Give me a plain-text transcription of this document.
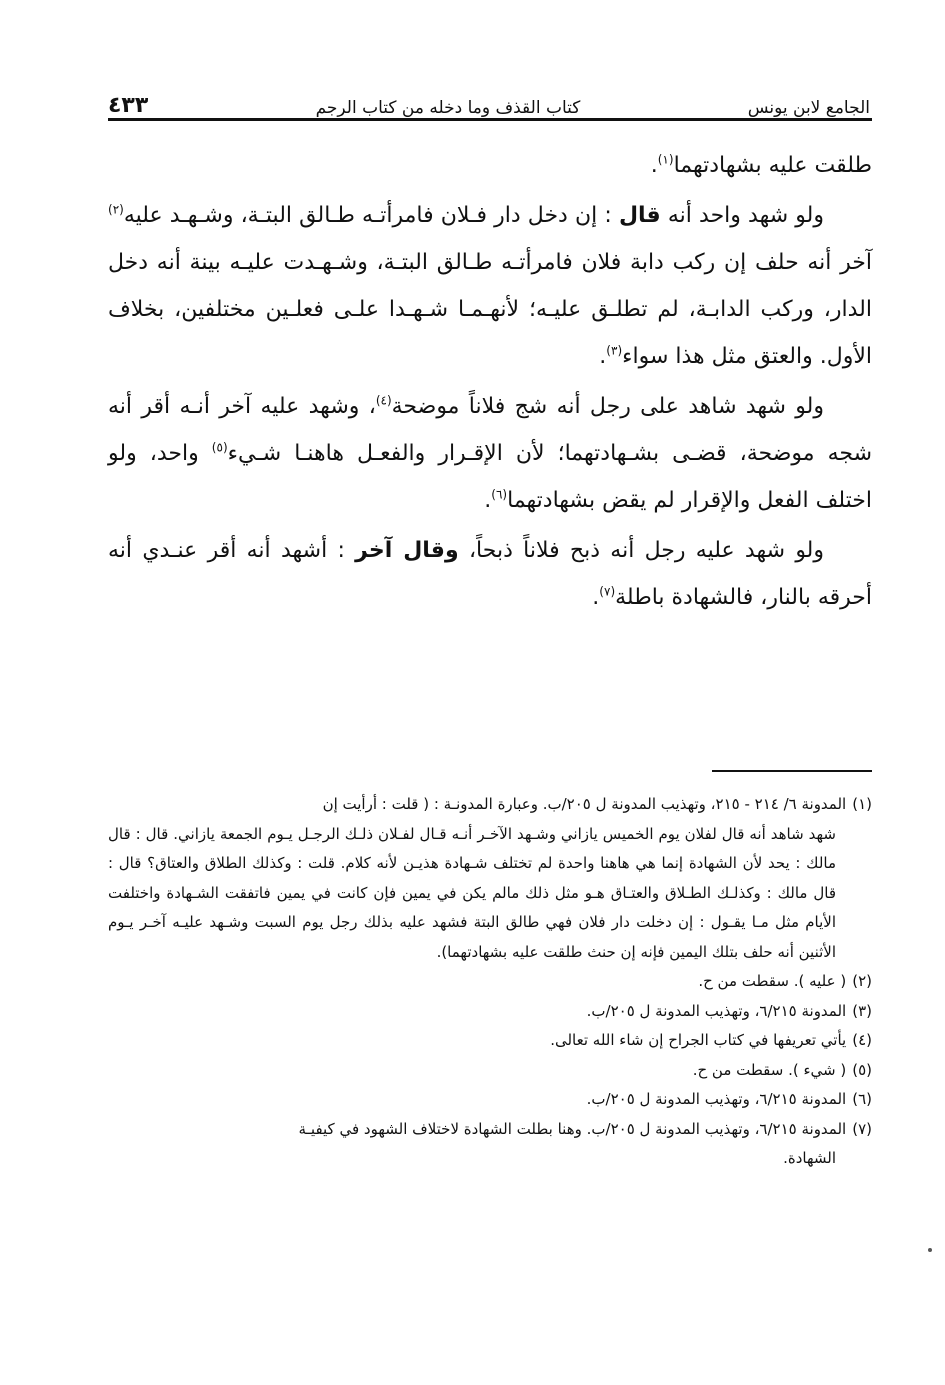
الجامع لابن يونس
كتاب القذف وما دخله من كتاب الرجم
٤٣٣

طلقت عليه بشهادتهما$^{(١)}$.

ولو شهد واحد أنه قال : إن دخل دار فـلان فامرأتـه طـالق البتـة، وشـهـد عليه$^{(٢)}$ آخر أنه حلف إن ركب دابة فلان فامرأتـه طـالق البتـة، وشـهـدت عليـه بينة أنه دخل الدار، وركب الدابـة، لم تطلـق عليـه؛ لأنهـمـا شـهـدا علـى فعلـين مختلفين، بخلاف الأول. والعتق مثل هذا سواء$^{(٣)}$.

ولو شهد شاهد على رجل أنه شج فلاناً موضحة$^{(٤)}$، وشهد عليه آخر أنـه أقر أنه شجه موضحة، قضـى بشـهادتهما؛ لأن الإقـرار والفعـل هاهنـا شـيء$^{(٥)}$ واحد، ولو اختلف الفعل والإقرار لم يقض بشهادتهما$^{(٦)}$.

ولو شهد عليه رجل أنه ذبح فلاناً ذبحاً، وقال آخر : أشهد أنه أقر عنـدي أنه أحرقه بالنار، فالشهادة باطلة$^{(٧)}$.

(١)المدونة ٦/ ٢١٤ - ٢١٥، وتهذيب المدونة ل ٢٠٥/ب. وعبارة المدونـة : ( قلت : أرأيت إن

شهد شاهد أنه قال لفلان يوم الخميس يازاني وشـهد الآخـر أنـه قـال لفـلان ذلـك الرجـل يـوم الجمعة يازاني. قال : قال مالك : يحد لأن الشهادة إنما هي هاهنا واحدة لم تختلف شـهادة هذيـن لأنه كلام. قلت : وكذلك الطلاق والعتاق؟ قال : قال مالك : وكذلـك الطـلاق والعتـاق هـو مثل ذلك مالم يكن في يمين فإن كانت في يمين فاتفقت الشـهادة واختلفت الأيام مثل مـا يقـول : إن دخلت دار فلان فهي طالق البتة فشهد عليه بذلك رجل يوم السبت وشـهد عليـه آخـر يـوم الأثنين أنه حلف بتلك اليمين فإنه إن حنث طلقت عليه بشهادتهما).

(٢)( عليه ). سقطت من ح.

(٣)المدونة ٦/٢١٥، وتهذيب المدونة ل ٢٠٥/ب.

(٤)يأتي تعريفها في كتاب الجراح إن شاء الله تعالى.

(٥)( شيء ). سقطت من ح.

(٦)المدونة ٦/٢١٥، وتهذيب المدونة ل ٢٠٥/ب.

(٧)المدونة ٦/٢١٥، وتهذيب المدونة ل ٢٠٥/ب. وهنا بطلت الشهادة لاختلاف الشهود في كيفيـة

الشهادة.
